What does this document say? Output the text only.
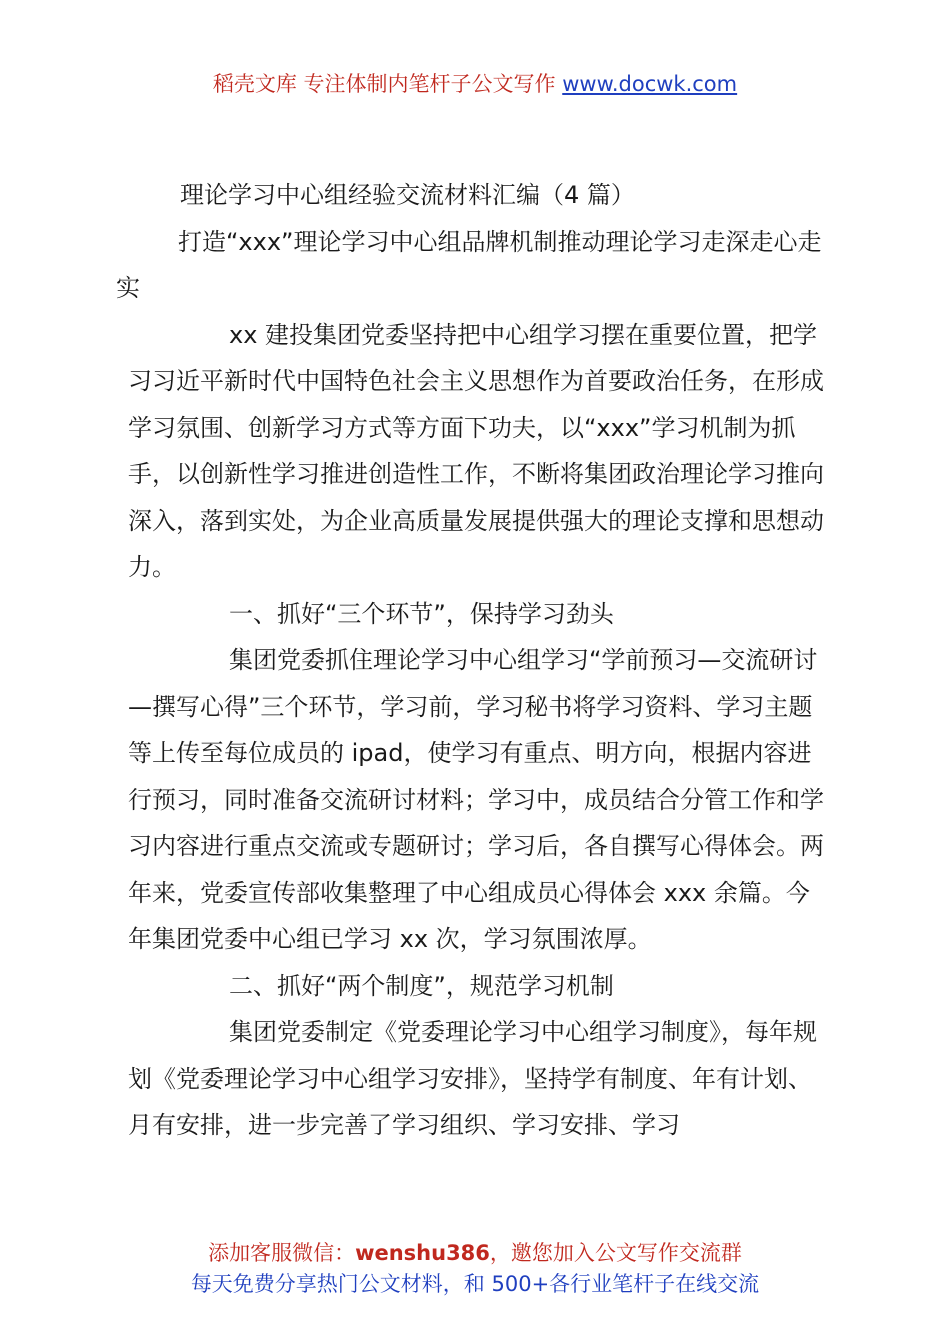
稻壳文库 专注体制内笔杆子公文写作 www.docwk.com

理论学习中心组经验交流材料汇编（4 篇）

打造“xxx”理论学习中心组品牌机制推动理论学习走深走心走实

xx 建投集团党委坚持把中心组学习摆在重要位置，把学习习近平新时代中国特色社会主义思想作为首要政治任务，在形成学习氛围、创新学习方式等方面下功夫，以“xxx”学习机制为抓手，以创新性学习推进创造性工作，不断将集团政治理论学习推向深入，落到实处，为企业高质量发展提供强大的理论支撑和思想动力。

一、抓好“三个环节”，保持学习劲头

集团党委抓住理论学习中心组学习“学前预习—交流研讨—撰写心得”三个环节，学习前，学习秘书将学习资料、学习主题等上传至每位成员的 ipad，使学习有重点、明方向，根据内容进行预习，同时准备交流研讨材料；学习中，成员结合分管工作和学习内容进行重点交流或专题研讨；学习后，各自撰写心得体会。两年来，党委宣传部收集整理了中心组成员心得体会 xxx 余篇。今年集团党委中心组已学习 xx 次，学习氛围浓厚。

二、抓好“两个制度”，规范学习机制

集团党委制定《党委理论学习中心组学习制度》，每年规划《党委理论学习中心组学习安排》，坚持学有制度、年有计划、月有安排，进一步完善了学习组织、学习安排、学习

添加客服微信：wenshu386，邀您加入公文写作交流群
每天免费分享热门公文材料，和 500+各行业笔杆子在线交流
